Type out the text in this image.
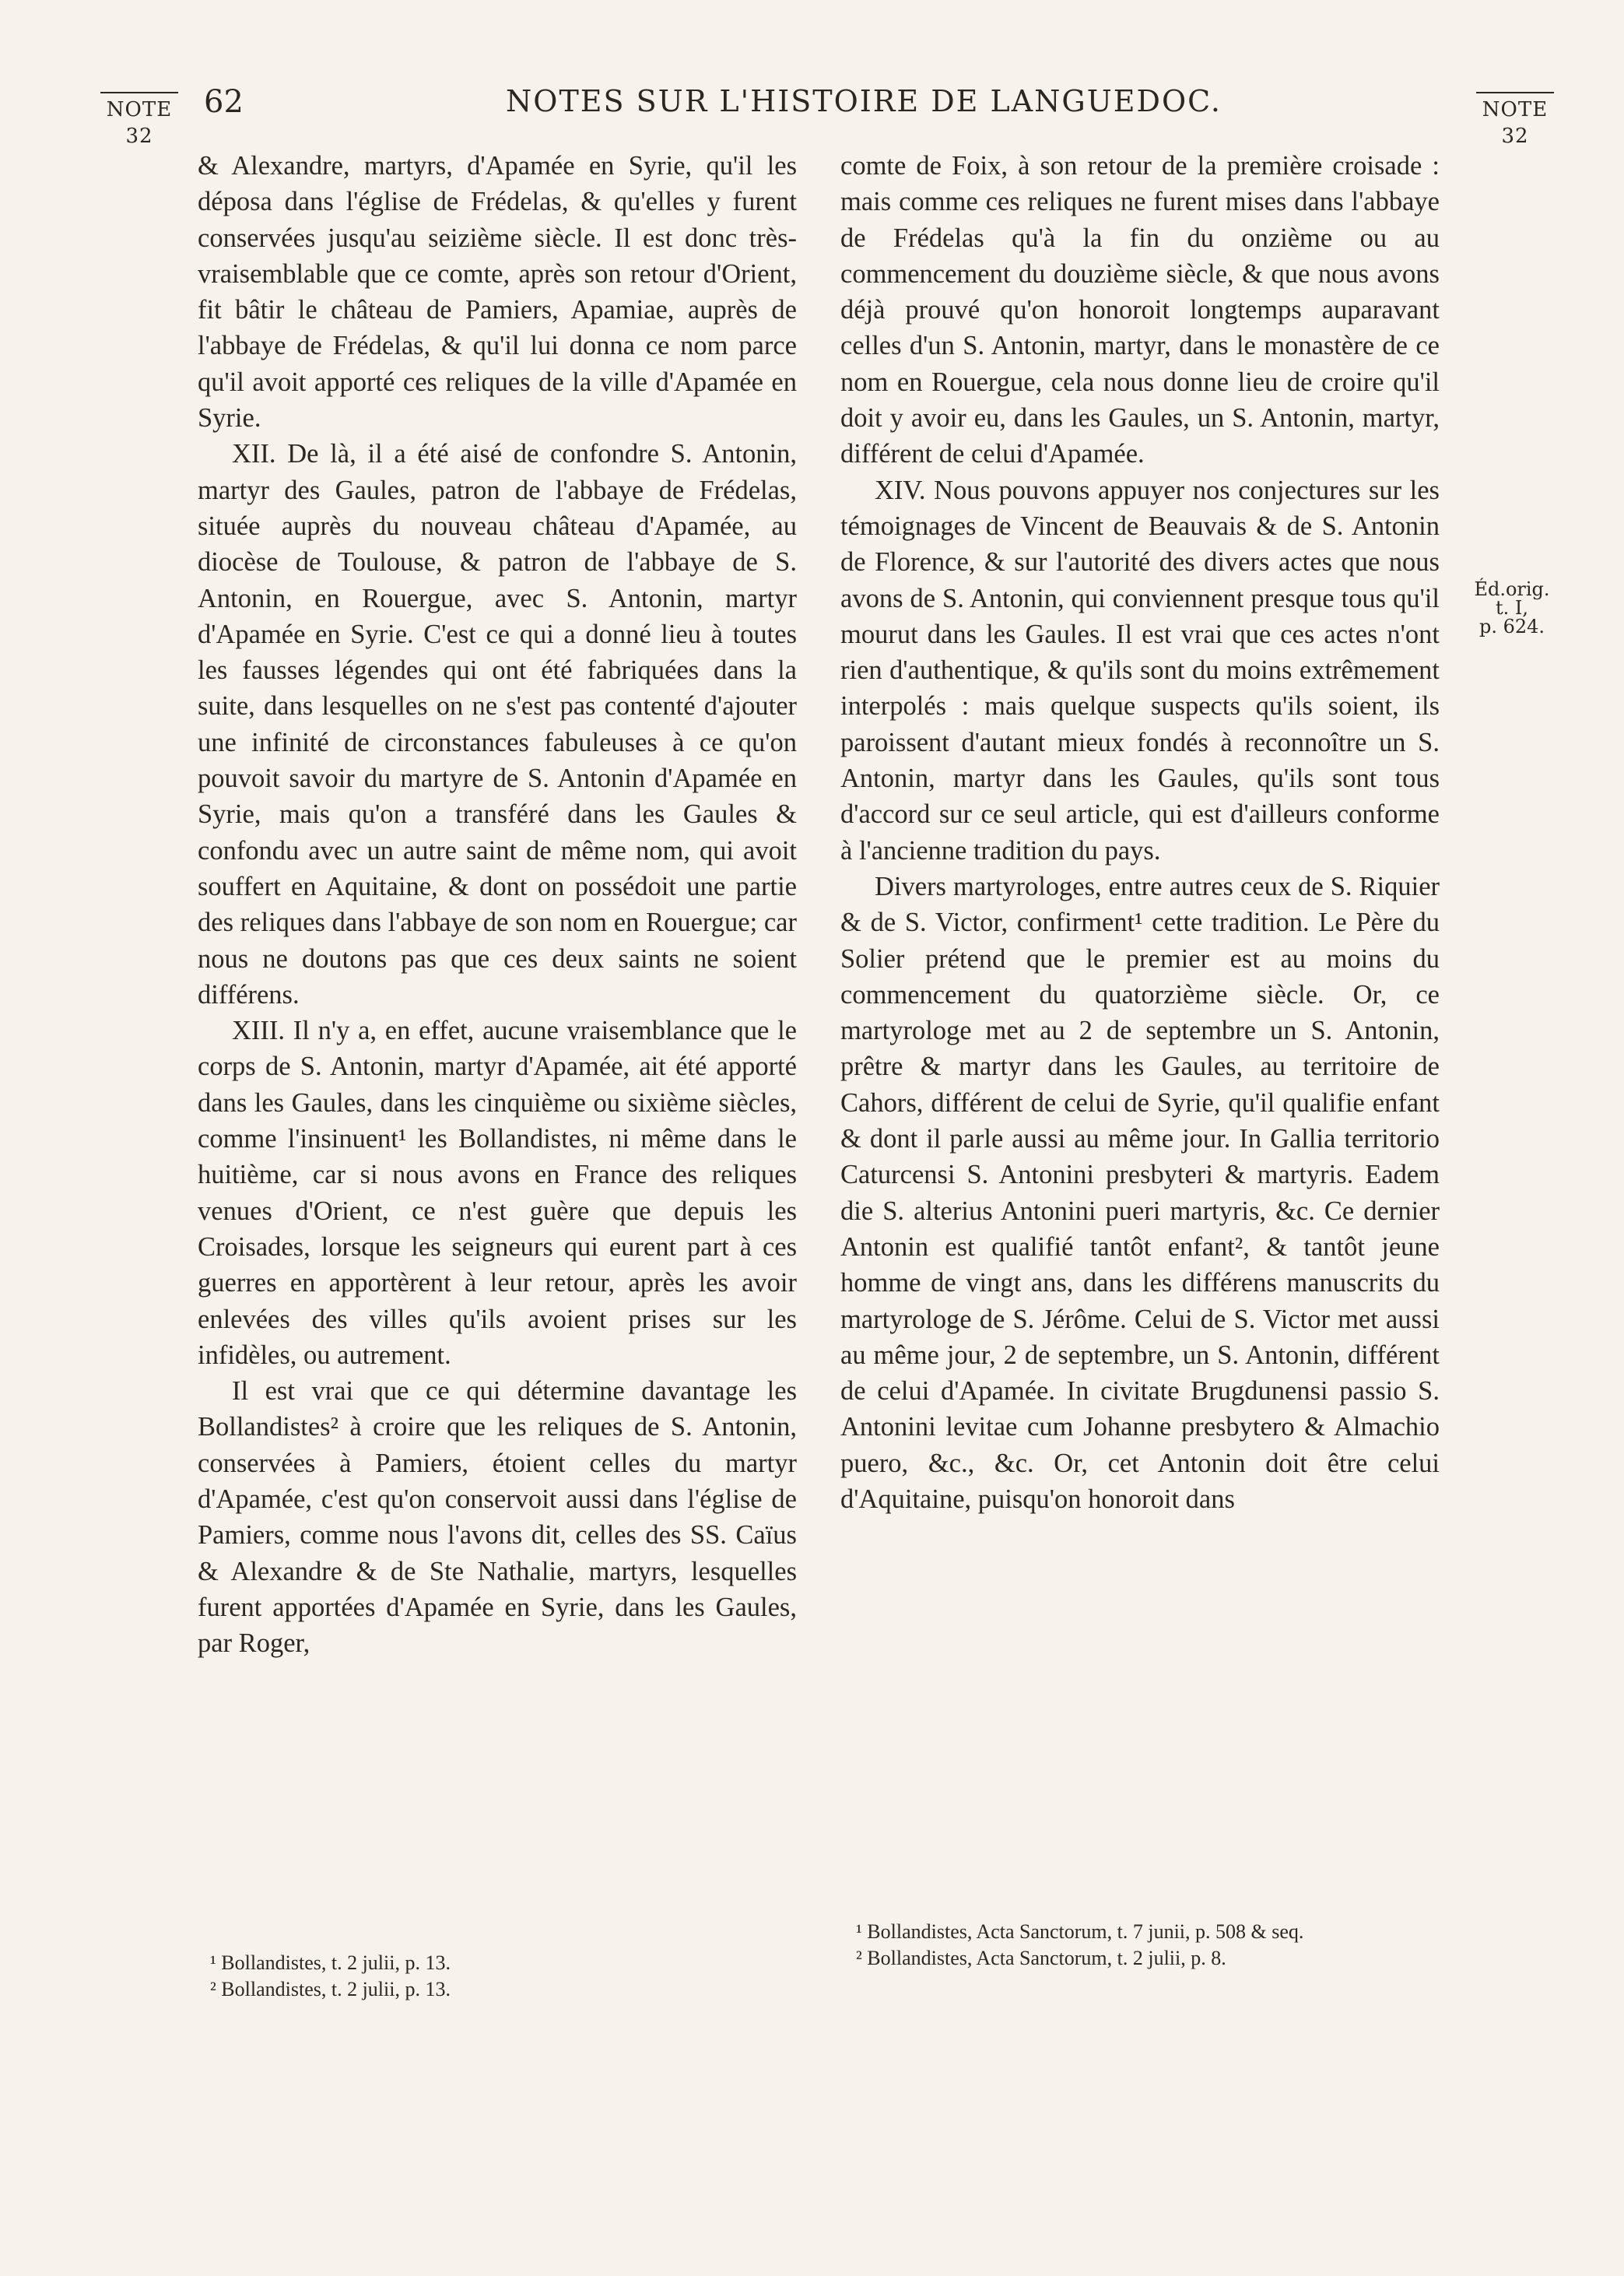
NOTE
32
62	NOTES SUR L'HISTOIRE DE LANGUEDOC.	NOTE
32
Éd.orig.
t. I,
p. 624.

& Alexandre, martyrs, d'Apamée en Syrie, qu'il les déposa dans l'église de Frédelas, & qu'elles y furent conservées jusqu'au seizième siècle. Il est donc très-vraisemblable que ce comte, après son retour d'Orient, fit bâtir le château de Pamiers, Apamiae, auprès de l'abbaye de Frédelas, & qu'il lui donna ce nom parce qu'il avoit apporté ces reliques de la ville d'Apamée en Syrie.

XII. De là, il a été aisé de confondre S. Antonin, martyr des Gaules, patron de l'abbaye de Frédelas, située auprès du nouveau château d'Apamée, au diocèse de Toulouse, & patron de l'abbaye de S. Antonin, en Rouergue, avec S. Antonin, martyr d'Apamée en Syrie. C'est ce qui a donné lieu à toutes les fausses légendes qui ont été fabriquées dans la suite, dans lesquelles on ne s'est pas contenté d'ajouter une infinité de circonstances fabuleuses à ce qu'on pouvoit savoir du martyre de S. Antonin d'Apamée en Syrie, mais qu'on a transféré dans les Gaules & confondu avec un autre saint de même nom, qui avoit souffert en Aquitaine, & dont on possédoit une partie des reliques dans l'abbaye de son nom en Rouergue; car nous ne doutons pas que ces deux saints ne soient différens.

XIII. Il n'y a, en effet, aucune vraisemblance que le corps de S. Antonin, martyr d'Apamée, ait été apporté dans les Gaules, dans les cinquième ou sixième siècles, comme l'insinuent¹ les Bollandistes, ni même dans le huitième, car si nous avons en France des reliques venues d'Orient, ce n'est guère que depuis les Croisades, lorsque les seigneurs qui eurent part à ces guerres en apportèrent à leur retour, après les avoir enlevées des villes qu'ils avoient prises sur les infidèles, ou autrement.

Il est vrai que ce qui détermine davantage les Bollandistes² à croire que les reliques de S. Antonin, conservées à Pamiers, étoient celles du martyr d'Apamée, c'est qu'on conservoit aussi dans l'église de Pamiers, comme nous l'avons dit, celles des SS. Caïus & Alexandre & de Ste Nathalie, martyrs, lesquelles furent apportées d'Apamée en Syrie, dans les Gaules, par Roger,

comte de Foix, à son retour de la première croisade : mais comme ces reliques ne furent mises dans l'abbaye de Frédelas qu'à la fin du onzième ou au commencement du douzième siècle, & que nous avons déjà prouvé qu'on honoroit longtemps auparavant celles d'un S. Antonin, martyr, dans le monastère de ce nom en Rouergue, cela nous donne lieu de croire qu'il doit y avoir eu, dans les Gaules, un S. Antonin, martyr, différent de celui d'Apamée.

XIV. Nous pouvons appuyer nos conjectures sur les témoignages de Vincent de Beauvais & de S. Antonin de Florence, & sur l'autorité des divers actes que nous avons de S. Antonin, qui conviennent presque tous qu'il mourut dans les Gaules. Il est vrai que ces actes n'ont rien d'authentique, & qu'ils sont du moins extrêmement interpolés : mais quelque suspects qu'ils soient, ils paroissent d'autant mieux fondés à reconnoître un S. Antonin, martyr dans les Gaules, qu'ils sont tous d'accord sur ce seul article, qui est d'ailleurs conforme à l'ancienne tradition du pays.

Divers martyrologes, entre autres ceux de S. Riquier & de S. Victor, confirment¹ cette tradition. Le Père du Solier prétend que le premier est au moins du commencement du quatorzième siècle. Or, ce martyrologe met au 2 de septembre un S. Antonin, prêtre & martyr dans les Gaules, au territoire de Cahors, différent de celui de Syrie, qu'il qualifie enfant & dont il parle aussi au même jour. In Gallia territorio Caturcensi S. Antonini presbyteri & martyris. Eadem die S. alterius Antonini pueri martyris, &c. Ce dernier Antonin est qualifié tantôt enfant², & tantôt jeune homme de vingt ans, dans les différens manuscrits du martyrologe de S. Jérôme. Celui de S. Victor met aussi au même jour, 2 de septembre, un S. Antonin, différent de celui d'Apamée. In civitate Brugdunensi passio S. Antonini levitae cum Johanne presbytero & Almachio puero, &c., &c. Or, cet Antonin doit être celui d'Aquitaine, puisqu'on honoroit dans

¹ Bollandistes, t. 2 julii, p. 13.
² Bollandistes, t. 2 julii, p. 13.
¹ Bollandistes, Acta Sanctorum, t. 7 junii, p. 508 & seq.
² Bollandistes, Acta Sanctorum, t. 2 julii, p. 8.
